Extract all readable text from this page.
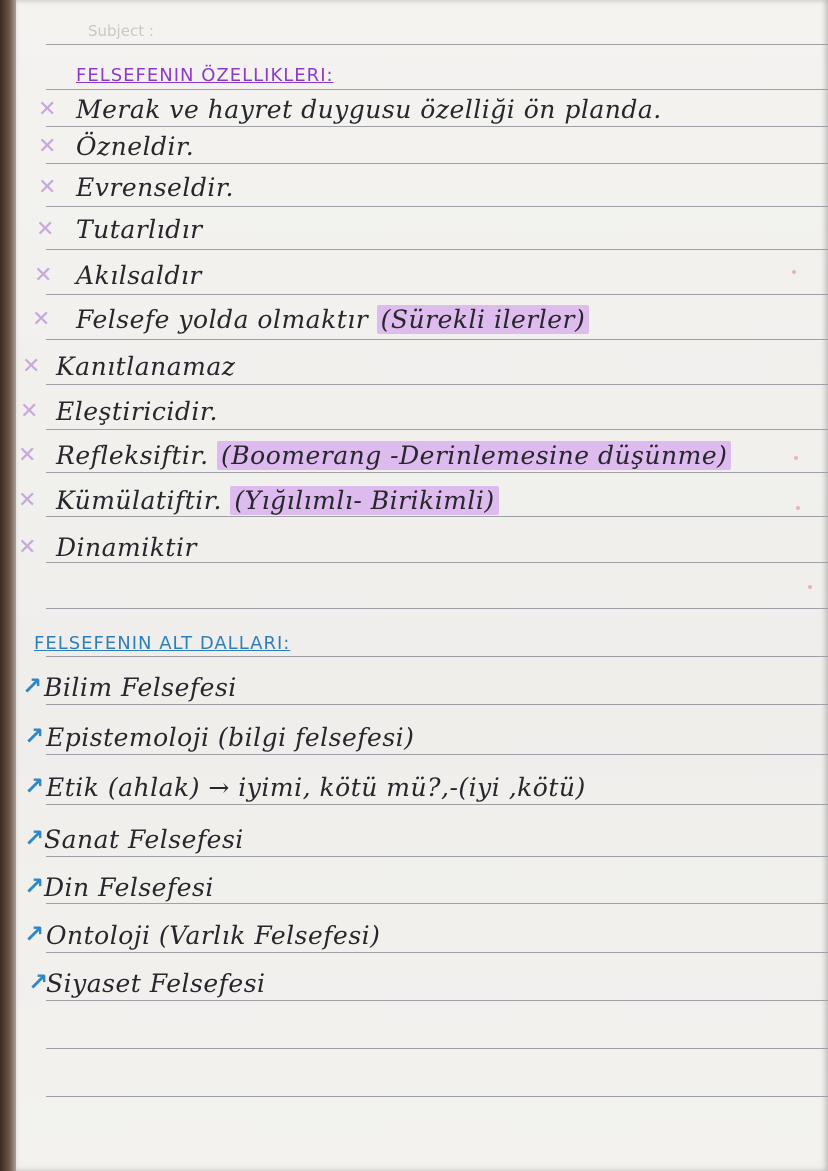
Subject :
FELSEFENIN ÖZELLIKLERI:
✕ Merak ve hayret duygusu özelliği ön planda.
✕ Özneldir.
✕ Evrenseldir.
✕ Tutarlıdır
✕ Akılsaldır
✕ Felsefe yolda olmaktır (Sürekli ilerler)
✕ Kanıtlanamaz
✕ Eleştiricidir.
✕ Refleksiftir. (Boomerang -Derinlemesine düşünme)
✕ Kümülatiftir. (Yığılımlı- Birikimli)
✕ Dinamiktir
FELSEFENIN ALT DALLARI:
↗ Bilim Felsefesi
↗ Epistemoloji (bilgi felsefesi)
↗ Etik (ahlak) → iyimi, kötü mü?,-(iyi ,kötü)
↗ Sanat Felsefesi
↗ Din Felsefesi
↗ Ontoloji (Varlık Felsefesi)
↗
Siyaset Felsefesi
